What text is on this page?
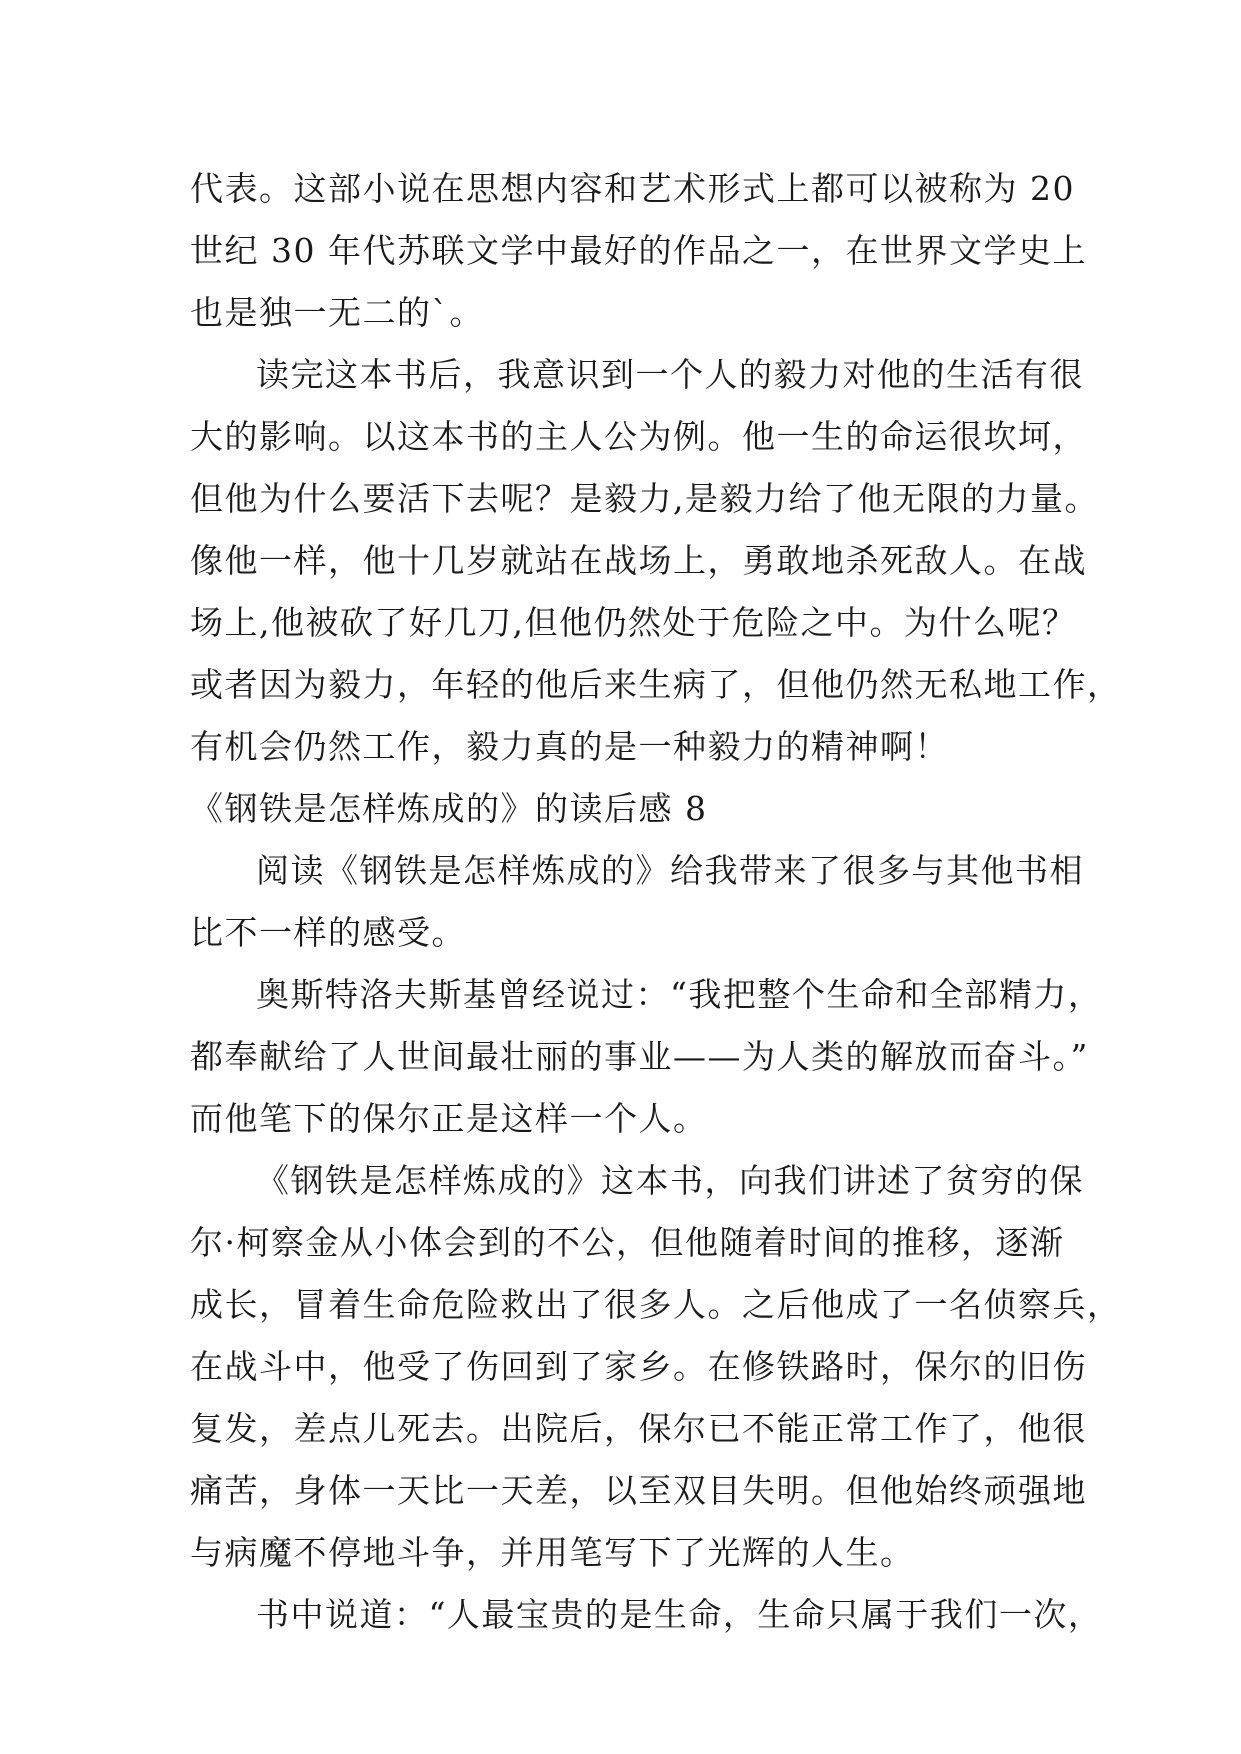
代表。这部小说在思想内容和艺术形式上都可以被称为 20
世纪 30 年代苏联文学中最好的作品之一，在世界文学史上
也是独一无二的`。
读完这本书后，我意识到一个人的毅力对他的生活有很
大的影响。以这本书的主人公为例。他一生的命运很坎坷，
但他为什么要活下去呢？是毅力,是毅力给了他无限的力量。
像他一样，他十几岁就站在战场上，勇敢地杀死敌人。在战
场上,他被砍了好几刀,但他仍然处于危险之中。为什么呢？
或者因为毅力，年轻的他后来生病了，但他仍然无私地工作，
有机会仍然工作，毅力真的是一种毅力的精神啊！
《钢铁是怎样炼成的》的读后感 8
阅读《钢铁是怎样炼成的》给我带来了很多与其他书相
比不一样的感受。
奥斯特洛夫斯基曾经说过：“我把整个生命和全部精力，
都奉献给了人世间最壮丽的事业——为人类的解放而奋斗。”
而他笔下的保尔正是这样一个人。
《钢铁是怎样炼成的》这本书，向我们讲述了贫穷的保
尔·柯察金从小体会到的不公，但他随着时间的推移，逐渐
成长，冒着生命危险救出了很多人。之后他成了一名侦察兵，
在战斗中，他受了伤回到了家乡。在修铁路时，保尔的旧伤
复发，差点儿死去。出院后，保尔已不能正常工作了，他很
痛苦，身体一天比一天差，以至双目失明。但他始终顽强地
与病魔不停地斗争，并用笔写下了光辉的人生。
书中说道：“人最宝贵的是生命，生命只属于我们一次，
